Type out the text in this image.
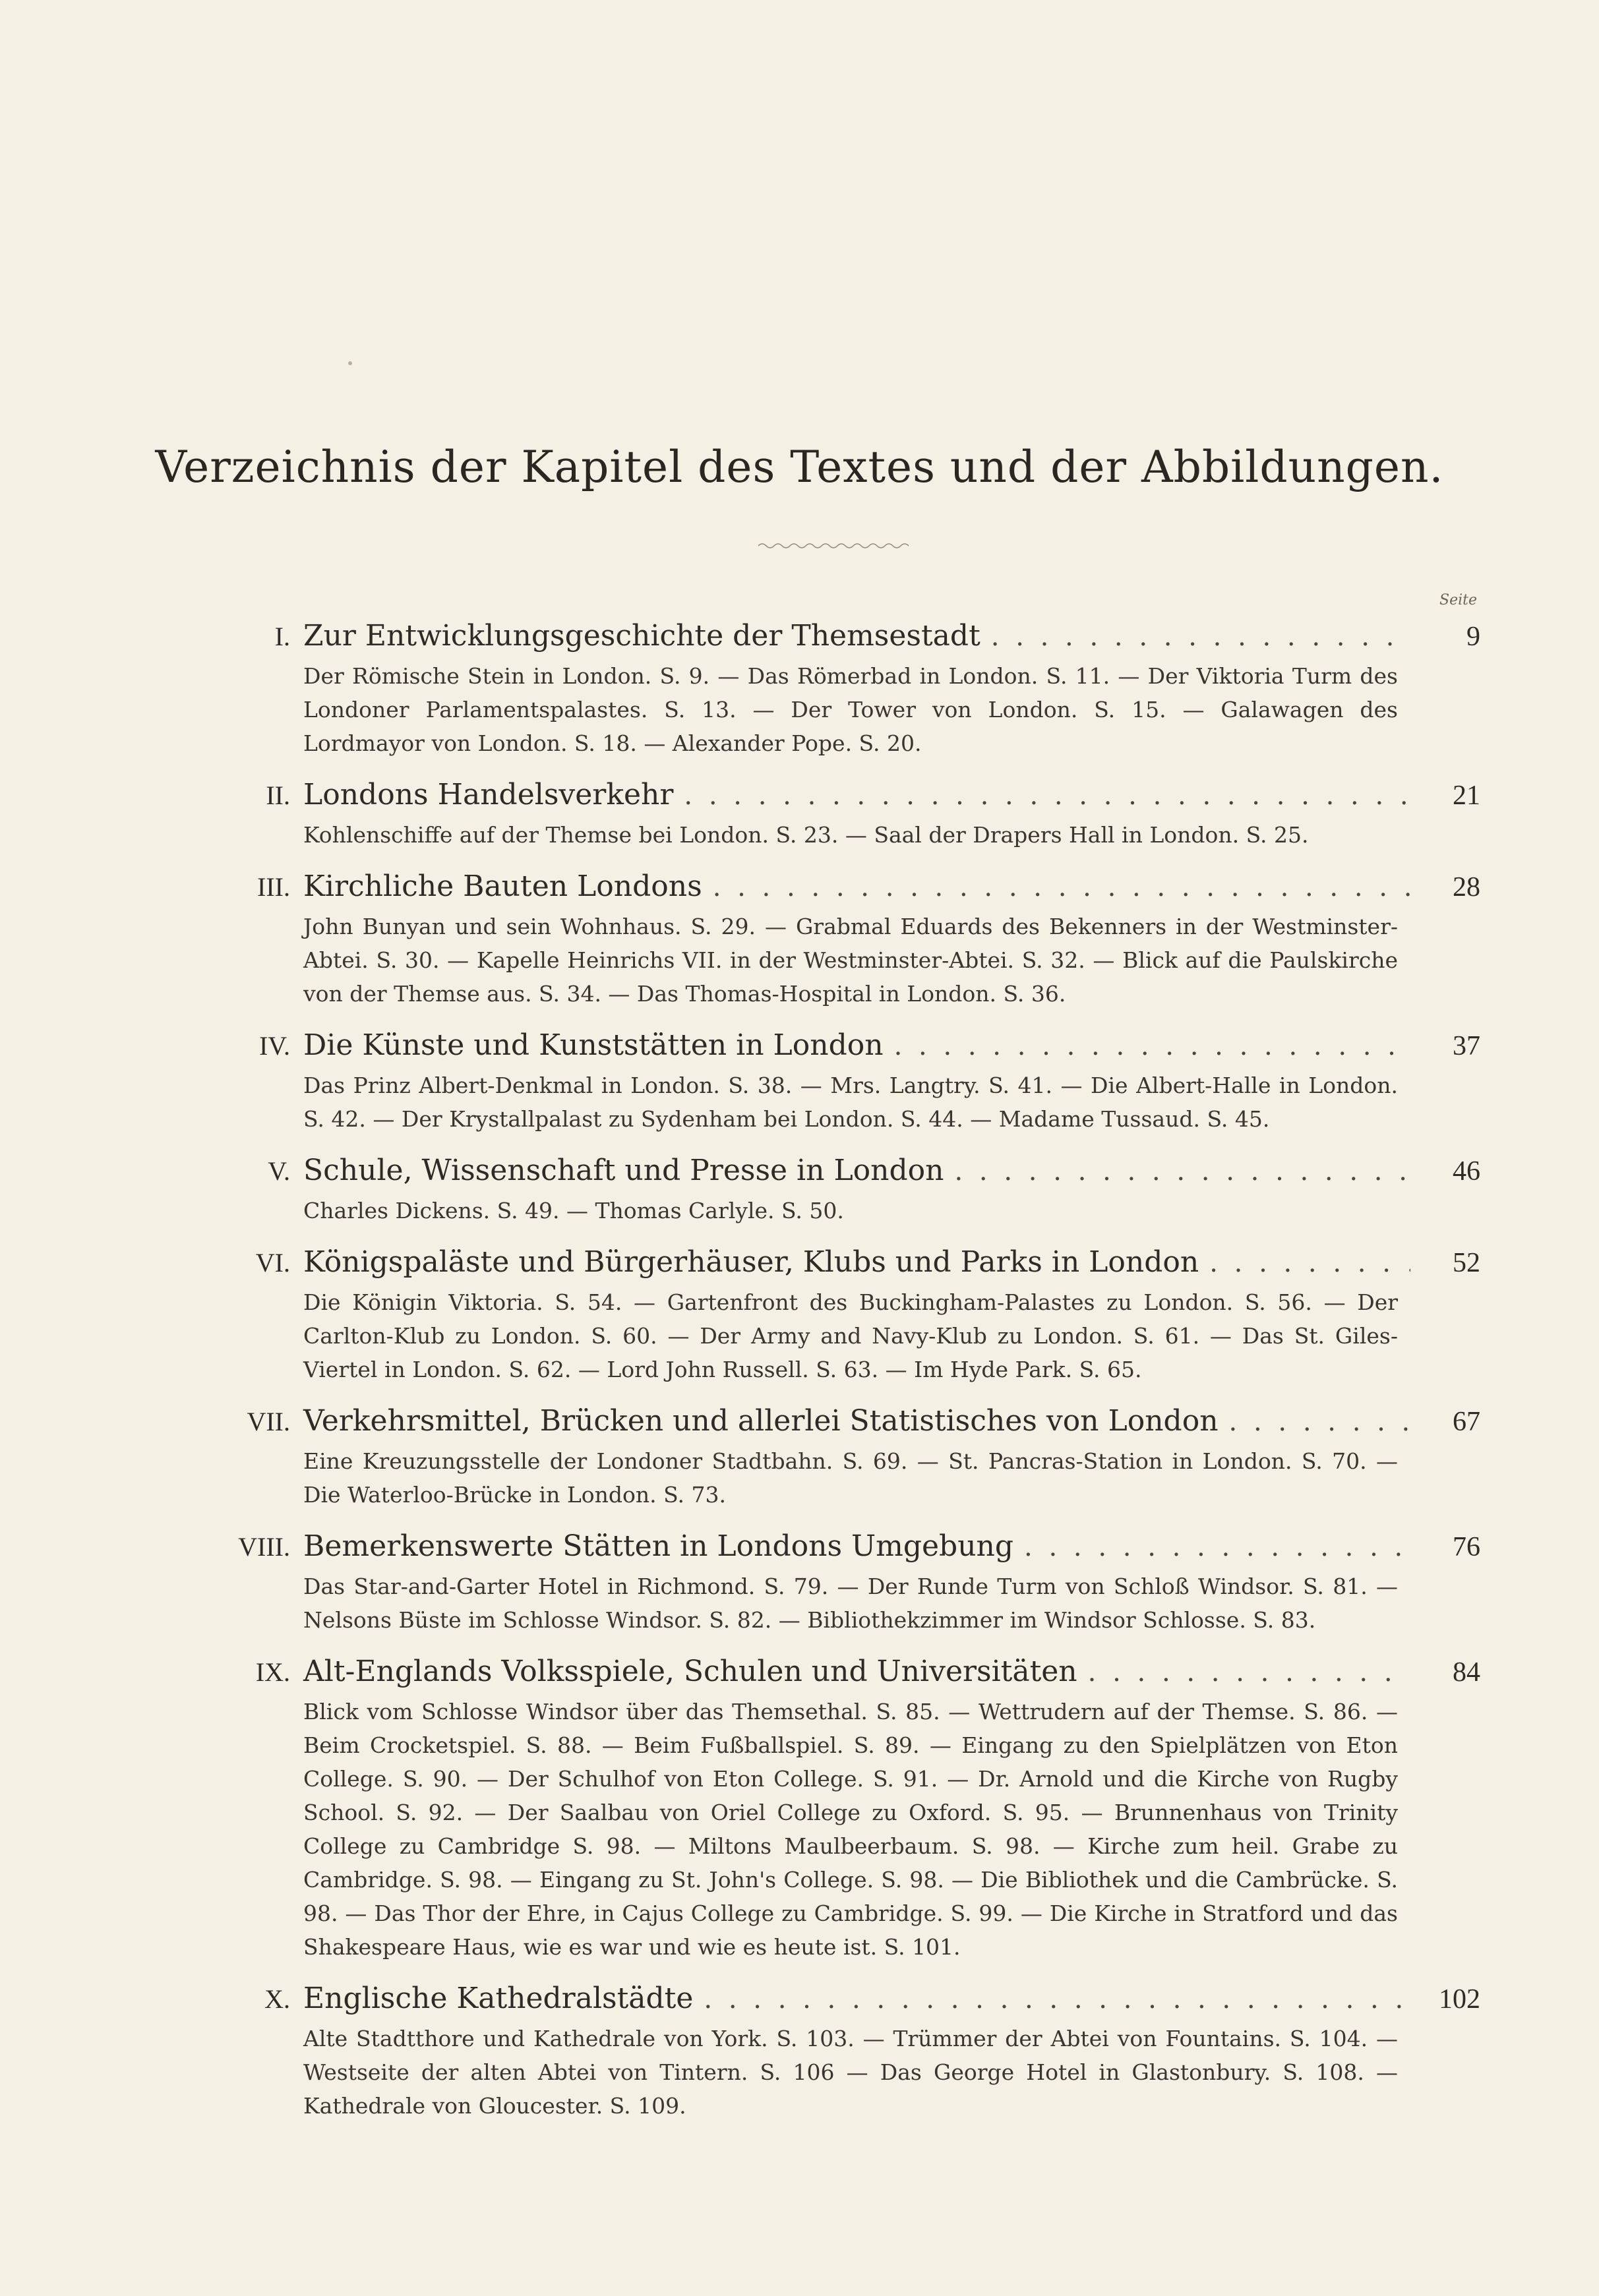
Verzeichnis der Kapitel des Textes und der Abbildungen.
Seite
I. Zur Entwicklungsgeschichte der Themsestadt . . .	9
Der Römische Stein in London. S. 9. — Das Römerbad in London. S. 11. — Der Viktoria Turm des Londoner Parlamentspalastes. S. 13. — Der Tower von London. S. 15. — Galawagen des Lordmayor von London. S. 18. — Alexander Pope. S. 20.
II. Londons Handelsverkehr . . .	21
Kohlenschiffe auf der Themse bei London. S. 23. — Saal der Drapers Hall in London. S. 25.
III. Kirchliche Bauten Londons . . .	28
John Bunyan und sein Wohnhaus. S. 29. — Grabmal Eduards des Bekenners in der Westminster-Abtei. S. 30. — Kapelle Heinrichs VII. in der Westminster-Abtei. S. 32. — Blick auf die Paulskirche von der Themse aus. S. 34. — Das Thomas-Hospital in London. S. 36.
IV. Die Künste und Kunststätten in London . . .	37
Das Prinz Albert-Denkmal in London. S. 38. — Mrs. Langtry. S. 41. — Die Albert-Halle in London. S. 42. — Der Krystallpalast zu Sydenham bei London. S. 44. — Madame Tussaud. S. 45.
V. Schule, Wissenschaft und Presse in London . . .	46
Charles Dickens. S. 49. — Thomas Carlyle. S. 50.
VI. Königspaläste und Bürgerhäuser, Klubs und Parks in London . . .	52
Die Königin Viktoria. S. 54. — Gartenfront des Buckingham-Palastes zu London. S. 56. — Der Carlton-Klub zu London. S. 60. — Der Army and Navy-Klub zu London. S. 61. — Das St. Giles-Viertel in London. S. 62. — Lord John Russell. S. 63. — Im Hyde Park. S. 65.
VII. Verkehrsmittel, Brücken und allerlei Statistisches von London . . .	67
Eine Kreuzungsstelle der Londoner Stadtbahn. S. 69. — St. Pancras-Station in London. S. 70. — Die Waterloo-Brücke in London. S. 73.
VIII. Bemerkenswerte Stätten in Londons Umgebung . . .	76
Das Star-and-Garter Hotel in Richmond. S. 79. — Der Runde Turm von Schloß Windsor. S. 81. — Nelsons Büste im Schlosse Windsor. S. 82. — Bibliothekzimmer im Windsor Schlosse. S. 83.
IX. Alt-Englands Volksspiele, Schulen und Universitäten . . .	84
Blick vom Schlosse Windsor über das Themsethal. S. 85. — Wettrudern auf der Themse. S. 86. — Beim Crocketspiel. S. 88. — Beim Fußballspiel. S. 89. — Eingang zu den Spielplätzen von Eton College. S. 90. — Der Schulhof von Eton College. S. 91. — Dr. Arnold und die Kirche von Rugby School. S. 92. — Der Saalbau von Oriel College zu Oxford. S. 95. — Brunnenhaus von Trinity College zu Cambridge S. 98. — Miltons Maulbeerbaum. S. 98. — Kirche zum heil. Grabe zu Cambridge. S. 98. — Eingang zu St. John's College. S. 98. — Die Bibliothek und die Cambrücke. S. 98. — Das Thor der Ehre, in Cajus College zu Cambridge. S. 99. — Die Kirche in Stratford und das Shakespeare Haus, wie es war und wie es heute ist. S. 101.
X. Englische Kathedralstädte . . .	102
Alte Stadtthore und Kathedrale von York. S. 103. — Trümmer der Abtei von Fountains. S. 104. — Westseite der alten Abtei von Tintern. S. 106 — Das George Hotel in Glastonbury. S. 108. — Kathedrale von Gloucester. S. 109.
